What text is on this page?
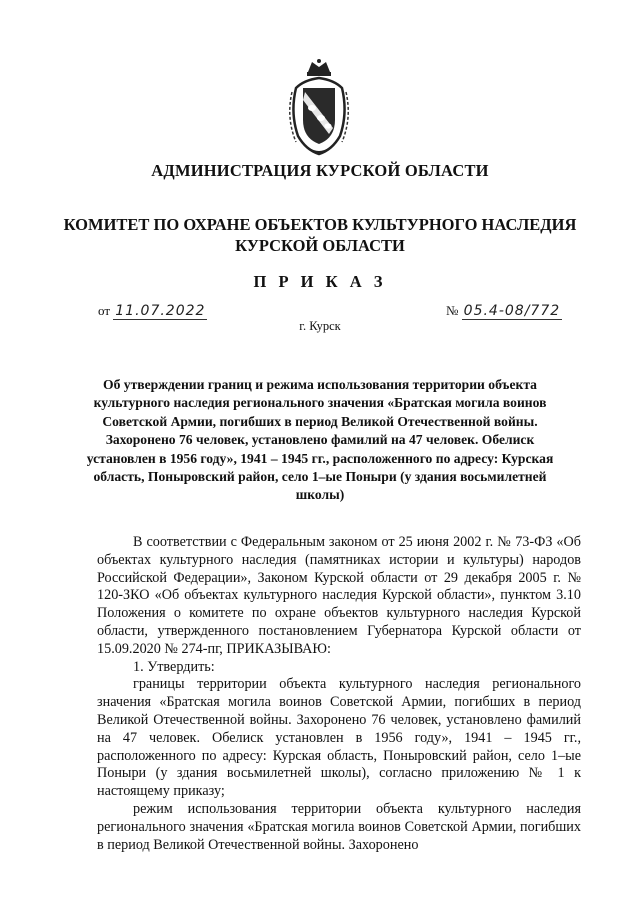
АДМИНИСТРАЦИЯ КУРСКОЙ ОБЛАСТИ
КОМИТЕТ ПО ОХРАНЕ ОБЪЕКТОВ КУЛЬТУРНОГО НАСЛЕДИЯ
КУРСКОЙ ОБЛАСТИ
П Р И К А З
от 11.07.2022	№ 05.4-08/772
г. Курск
Об утверждении границ и режима использования территории объекта культурного наследия регионального значения «Братская могила воинов Советской Армии, погибших в период Великой Отечественной войны. Захоронено 76 человек, установлено фамилий на 47 человек. Обелиск установлен в 1956 году», 1941 – 1945 гг., расположенного по адресу: Курская область, Поныровский район, село 1–ые Поныри (у здания восьмилетней школы)

В соответствии с Федеральным законом от 25 июня 2002 г. № 73-ФЗ «Об объектах культурного наследия (памятниках истории и культуры) народов Российской Федерации», Законом Курской области от 29 декабря 2005 г. № 120-ЗКО «Об объектах культурного наследия Курской области», пунктом 3.10 Положения о комитете по охране объектов культурного наследия Курской области, утвержденного постановлением Губернатора Курской области от 15.09.2020 № 274-пг, ПРИКАЗЫВАЮ:

1. Утвердить:

границы территории объекта культурного наследия регионального значения «Братская могила воинов Советской Армии, погибших в период Великой Отечественной войны. Захоронено 76 человек, установлено фамилий на 47 человек. Обелиск установлен в 1956 году», 1941 – 1945 гг., расположенного по адресу: Курская область, Поныровский район, село 1–ые Поныри (у здания восьмилетней школы), согласно приложению № 1 к настоящему приказу;

режим использования территории объекта культурного наследия регионального значения «Братская могила воинов Советской Армии, погибших в период Великой Отечественной войны. Захоронено
